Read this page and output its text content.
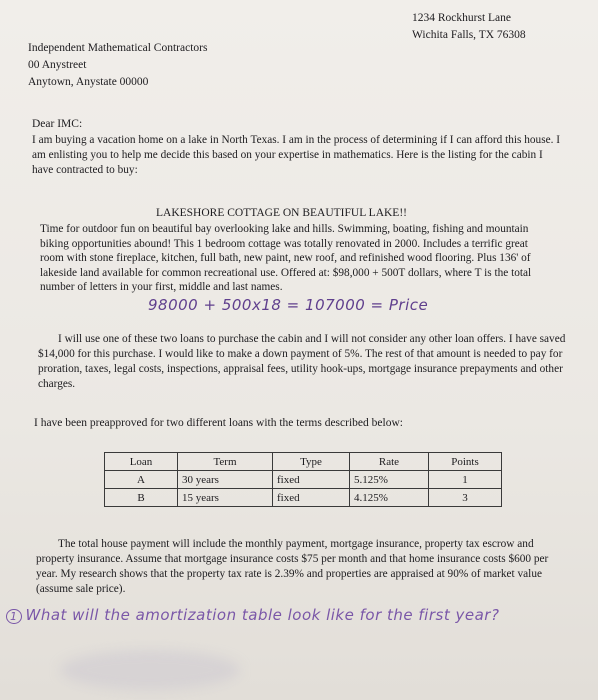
1234 Rockhurst Lane
Wichita Falls, TX 76308
Independent Mathematical Contractors
00 Anystreet
Anytown, Anystate 00000
Dear IMC:
I am buying a vacation home on a lake in North Texas. I am in the process of determining if I can afford this house. I am enlisting you to help me decide this based on your expertise in mathematics. Here is the listing for the cabin I have contracted to buy:
LAKESHORE COTTAGE ON BEAUTIFUL LAKE!!
Time for outdoor fun on beautiful bay overlooking lake and hills. Swimming, boating, fishing and mountain biking opportunities abound! This 1 bedroom cottage was totally renovated in 2000. Includes a terrific great room with stone fireplace, kitchen, full bath, new paint, new roof, and refinished wood flooring. Plus 136' of lakeside land available for common recreational use. Offered at: $98,000 + 500T dollars, where T is the total number of letters in your first, middle and last names.
98000 + 500x18 = 107000 = Price
I will use one of these two loans to purchase the cabin and I will not consider any other loan offers. I have saved $14,000 for this purchase. I would like to make a down payment of 5%. The rest of that amount is needed to pay for proration, taxes, legal costs, inspections, appraisal fees, utility hook-ups, mortgage insurance prepayments and other charges.
I have been preapproved for two different loans with the terms described below:
Loan	Term	Type	Rate	Points
A	30 years	fixed	5.125%	1
B	15 years	fixed	4.125%	3
The total house payment will include the monthly payment, mortgage insurance, property tax escrow and property insurance. Assume that mortgage insurance costs $75 per month and that home insurance costs $600 per year. My research shows that the property tax rate is 2.39% and properties are appraised at 90% of market value (assume sale price).
1 What will the amortization table look like for the first year?
